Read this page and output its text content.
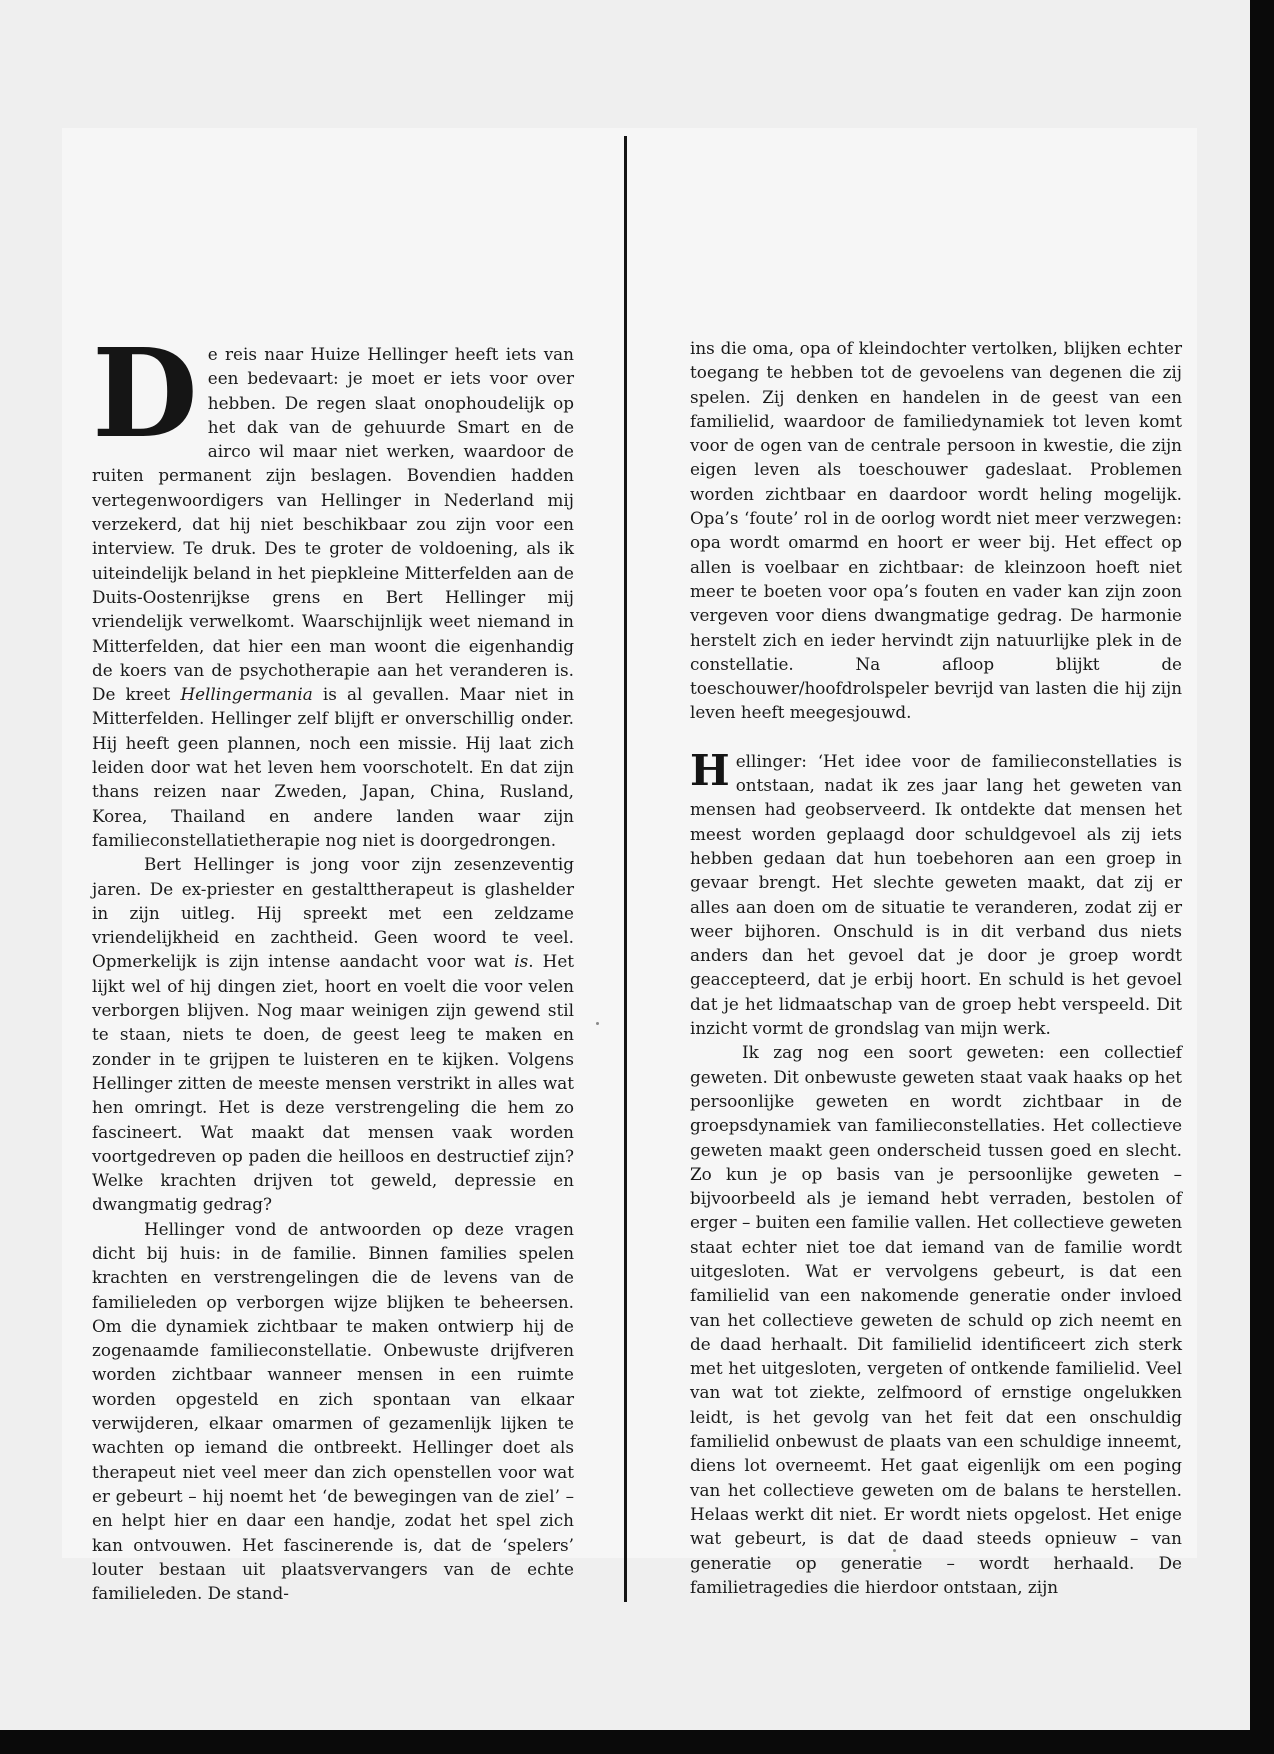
De reis naar Huize Hellinger heeft iets van een bedevaart: je moet er iets voor over hebben. De regen slaat onophoudelijk op het dak van de gehuurde Smart en de airco wil maar niet werken, waardoor de ruiten permanent zijn beslagen. Bovendien hadden vertegenwoordigers van Hellinger in Nederland mij verzekerd, dat hij niet beschikbaar zou zijn voor een interview. Te druk. Des te groter de voldoening, als ik uiteindelijk beland in het piepkleine Mitterfelden aan de Duits-Oostenrijkse grens en Bert Hellinger mij vriendelijk verwelkomt. Waarschijnlijk weet niemand in Mitterfelden, dat hier een man woont die eigenhandig de koers van de psychotherapie aan het veranderen is. De kreet Hellingermania is al gevallen. Maar niet in Mitterfelden. Hellinger zelf blijft er onverschillig onder. Hij heeft geen plannen, noch een missie. Hij laat zich leiden door wat het leven hem voorschotelt. En dat zijn thans reizen naar Zweden, Japan, China, Rusland, Korea, Thailand en andere landen waar zijn familieconstellatietherapie nog niet is doorgedrongen.

Bert Hellinger is jong voor zijn zesenzeventig jaren. De ex-priester en gestalttherapeut is glashelder in zijn uitleg. Hij spreekt met een zeldzame vriendelijkheid en zachtheid. Geen woord te veel. Opmerkelijk is zijn intense aandacht voor wat is. Het lijkt wel of hij dingen ziet, hoort en voelt die voor velen verborgen blijven. Nog maar weinigen zijn gewend stil te staan, niets te doen, de geest leeg te maken en zonder in te grijpen te luisteren en te kijken. Volgens Hellinger zitten de meeste mensen verstrikt in alles wat hen omringt. Het is deze verstrengeling die hem zo fascineert. Wat maakt dat mensen vaak worden voortgedreven op paden die heilloos en destructief zijn? Welke krachten drijven tot geweld, depressie en dwangmatig gedrag?

Hellinger vond de antwoorden op deze vragen dicht bij huis: in de familie. Binnen families spelen krachten en verstrengelingen die de levens van de familieleden op verborgen wijze blijken te beheersen. Om die dynamiek zichtbaar te maken ontwierp hij de zogenaamde familieconstellatie. Onbewuste drijfveren worden zichtbaar wanneer mensen in een ruimte worden opgesteld en zich spontaan van elkaar verwijderen, elkaar omarmen of gezamenlijk lijken te wachten op iemand die ontbreekt. Hellinger doet als therapeut niet veel meer dan zich openstellen voor wat er gebeurt – hij noemt het ‘de bewegingen van de ziel’ – en helpt hier en daar een handje, zodat het spel zich kan ontvouwen. Het fascinerende is, dat de ‘spelers’ louter bestaan uit plaatsvervangers van de echte familieleden. De stand-

ins die oma, opa of kleindochter vertolken, blijken echter toegang te hebben tot de gevoelens van degenen die zij spelen. Zij denken en handelen in de geest van een familielid, waardoor de familiedynamiek tot leven komt voor de ogen van de centrale persoon in kwestie, die zijn eigen leven als toeschouwer gadeslaat. Problemen worden zichtbaar en daardoor wordt heling mogelijk. Opa’s ‘foute’ rol in de oorlog wordt niet meer verzwegen: opa wordt omarmd en hoort er weer bij. Het effect op allen is voelbaar en zichtbaar: de kleinzoon hoeft niet meer te boeten voor opa’s fouten en vader kan zijn zoon vergeven voor diens dwangmatige gedrag. De harmonie herstelt zich en ieder hervindt zijn natuurlijke plek in de constellatie. Na afloop blijkt de toeschouwer/hoofdrolspeler bevrijd van lasten die hij zijn leven heeft meegesjouwd.

Hellinger: ‘Het idee voor de familieconstellaties is ontstaan, nadat ik zes jaar lang het geweten van mensen had geobserveerd. Ik ontdekte dat mensen het meest worden geplaagd door schuldgevoel als zij iets hebben gedaan dat hun toebehoren aan een groep in gevaar brengt. Het slechte geweten maakt, dat zij er alles aan doen om de situatie te veranderen, zodat zij er weer bijhoren. Onschuld is in dit verband dus niets anders dan het gevoel dat je door je groep wordt geaccepteerd, dat je erbij hoort. En schuld is het gevoel dat je het lidmaatschap van de groep hebt verspeeld. Dit inzicht vormt de grondslag van mijn werk.

Ik zag nog een soort geweten: een collectief geweten. Dit onbewuste geweten staat vaak haaks op het persoonlijke geweten en wordt zichtbaar in de groepsdynamiek van familieconstellaties. Het collectieve geweten maakt geen onderscheid tussen goed en slecht. Zo kun je op basis van je persoonlijke geweten – bijvoorbeeld als je iemand hebt verraden, bestolen of erger – buiten een familie vallen. Het collectieve geweten staat echter niet toe dat iemand van de familie wordt uitgesloten. Wat er vervolgens gebeurt, is dat een familielid van een nakomende generatie onder invloed van het collectieve geweten de schuld op zich neemt en de daad herhaalt. Dit familielid identificeert zich sterk met het uitgesloten, vergeten of ontkende familielid. Veel van wat tot ziekte, zelfmoord of ernstige ongelukken leidt, is het gevolg van het feit dat een onschuldig familielid onbewust de plaats van een schuldige inneemt, diens lot overneemt. Het gaat eigenlijk om een poging van het collectieve geweten om de balans te herstellen. Helaas werkt dit niet. Er wordt niets opgelost. Het enige wat gebeurt, is dat de daad steeds opnieuw – van generatie op generatie – wordt herhaald. De familietragedies die hierdoor ontstaan, zijn
